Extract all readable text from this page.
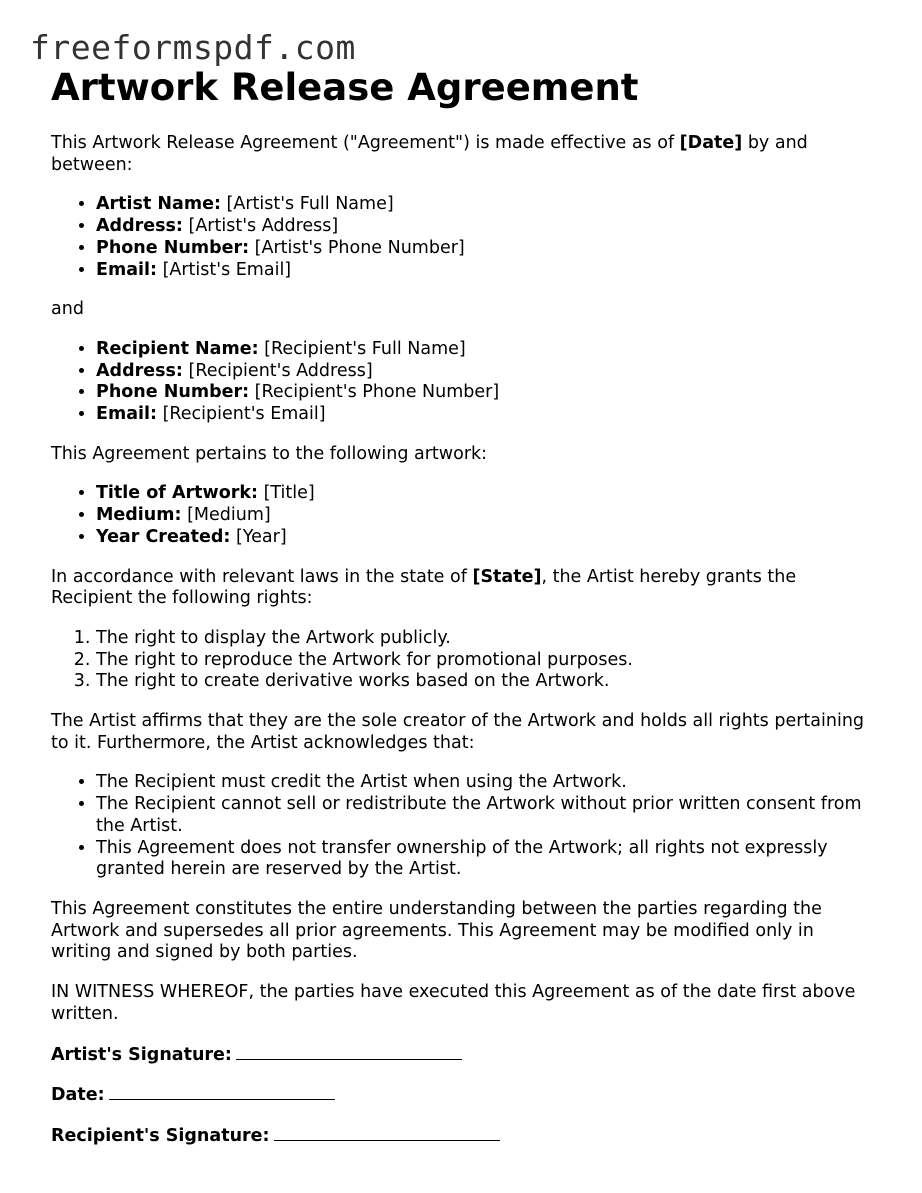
freeformspdf.com
Artwork Release Agreement

This Artwork Release Agreement ("Agreement") is made effective as of [Date] by and between:

• Artist Name: [Artist's Full Name]
• Address: [Artist's Address]
• Phone Number: [Artist's Phone Number]
• Email: [Artist's Email]

and

• Recipient Name: [Recipient's Full Name]
• Address: [Recipient's Address]
• Phone Number: [Recipient's Phone Number]
• Email: [Recipient's Email]

This Agreement pertains to the following artwork:

• Title of Artwork: [Title]
• Medium: [Medium]
• Year Created: [Year]

In accordance with relevant laws in the state of [State], the Artist hereby grants the Recipient the following rights:

1. The right to display the Artwork publicly.
2. The right to reproduce the Artwork for promotional purposes.
3. The right to create derivative works based on the Artwork.

The Artist affirms that they are the sole creator of the Artwork and holds all rights pertaining to it. Furthermore, the Artist acknowledges that:

• The Recipient must credit the Artist when using the Artwork.
• The Recipient cannot sell or redistribute the Artwork without prior written consent from the Artist.
• This Agreement does not transfer ownership of the Artwork; all rights not expressly granted herein are reserved by the Artist.

This Agreement constitutes the entire understanding between the parties regarding the Artwork and supersedes all prior agreements. This Agreement may be modified only in writing and signed by both parties.

IN WITNESS WHEREOF, the parties have executed this Agreement as of the date first above written.

Artist's Signature:

Date:

Recipient's Signature:
